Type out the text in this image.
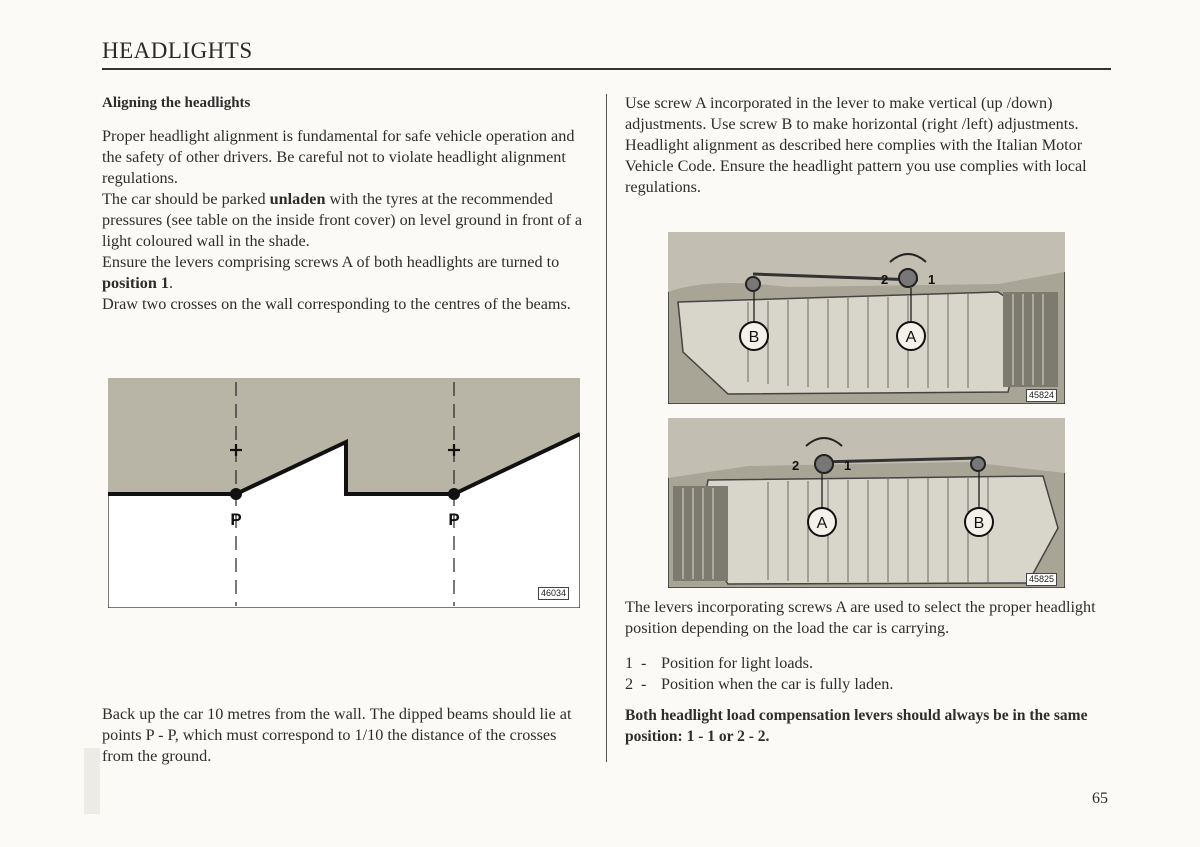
HEADLIGHTS

Aligning the headlights

Proper headlight alignment is fundamental for safe vehicle operation and the safety of other drivers. Be careful not to violate headlight alignment regulations.

The car should be parked unladen with the tyres at the recommended pressures (see table on the inside front cover) on level ground in front of a light coloured wall in the shade.

Ensure the levers comprising screws A of both headlights are turned to position 1.

Draw two crosses on the wall corresponding to the centres of the beams.

P	P
46034

Back up the car 10 metres from the wall. The dipped beams should lie at points P - P, which must correspond to 1/10 the distance of the crosses from the ground.

Use screw A incorporated in the lever to make vertical (up /down) adjustments. Use screw B to make horizontal (right /left) adjustments.

Headlight alignment as described here complies with the Italian Motor Vehicle Code. Ensure the headlight pattern you use complies with local regulations.

2	1
B	A
45824
2	1
A	B
45825

The levers incorporating screws A are used to select the proper headlight position depending on the load the car is carrying.

1 - Position for light loads.
2 - Position when the car is fully laden.

Both headlight load compensation levers should always be in the same position: 1 - 1 or 2 - 2.

65
